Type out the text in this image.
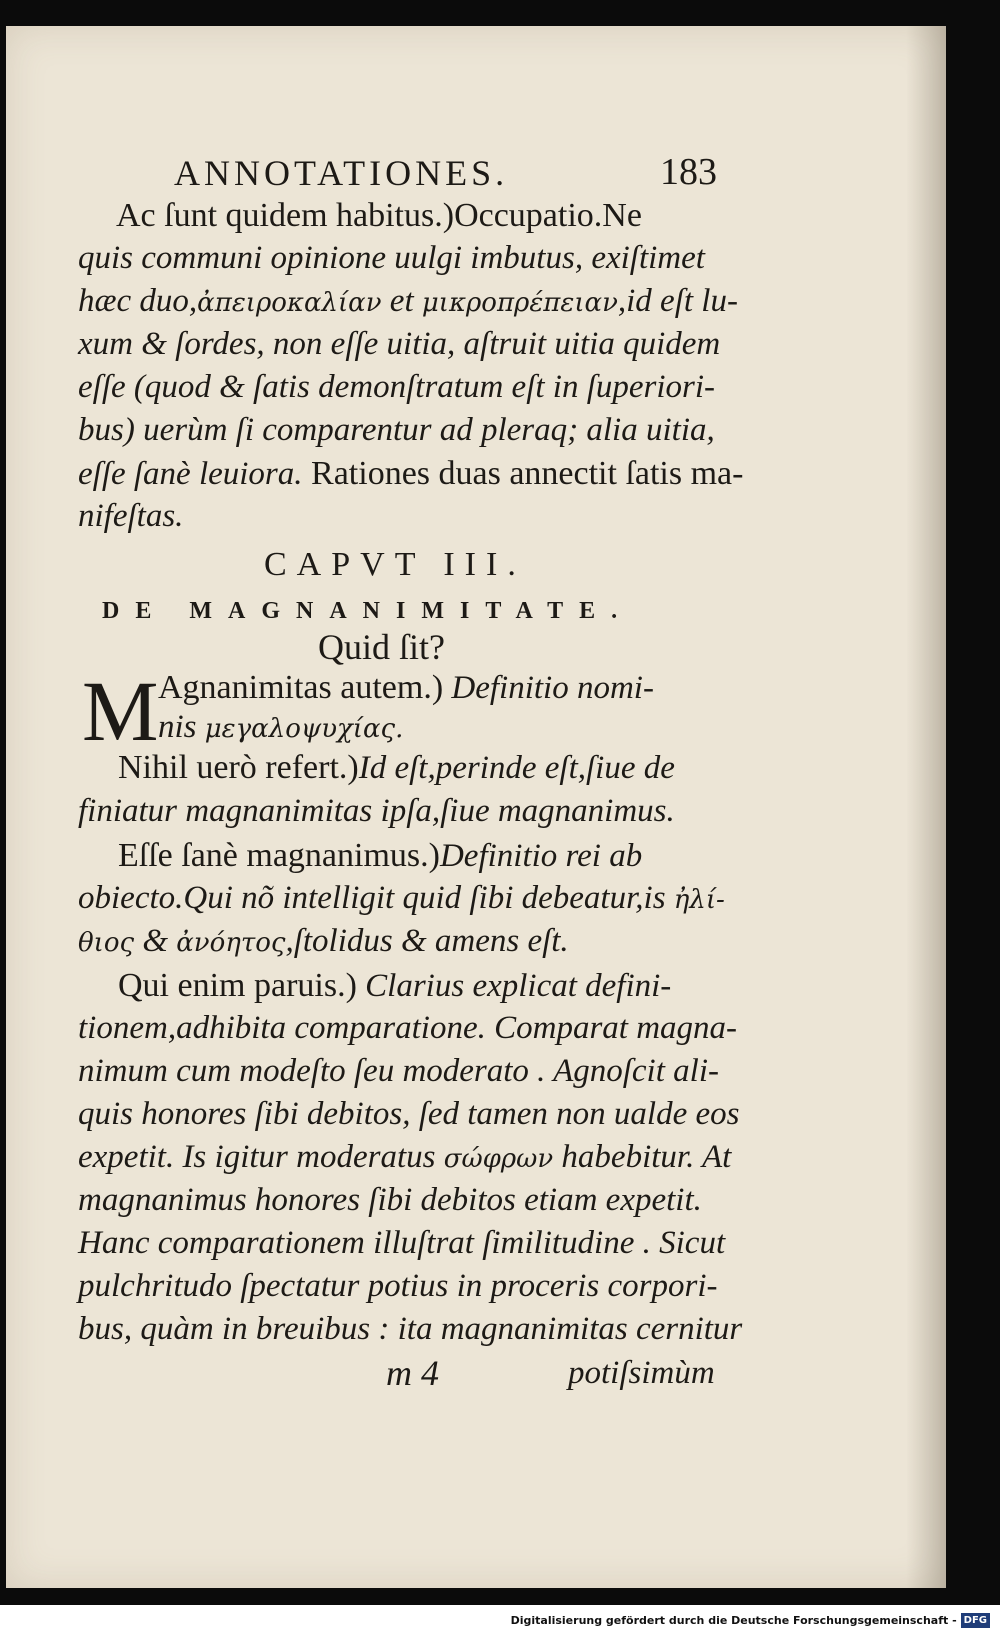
ANNOTATIONES.	183
Ac ſunt quidem habitus.)Occupatio.Ne
quis communi opinione uulgi imbutus, exiſtimet
hæc duo,ἀπειροκαλίαν et μικροπρέπειαν,id eſt lu-
xum & ſordes, non eſſe uitia, aſtruit uitia quidem
eſſe (quod & ſatis demonſtratum eſt in ſuperiori-
bus) uerùm ſi comparentur ad pleraq; alia uitia,
eſſe ſanè leuiora. Rationes duas annectit ſatis ma-
nifeſtas.
CAPVT III.
DE MAGNANIMITATE.
Quid ſit?
M Agnanimitas autem.) Definitio nomi-
nis μεγαλοψυχίας.
Nihil uerò refert.)Id eſt,perinde eſt,ſiue de
finiatur magnanimitas ipſa,ſiue magnanimus.
Eſſe ſanè magnanimus.)Definitio rei ab
obiecto.Qui nõ intelligit quid ſibi debeatur,is ἠλί-
θιος & ἀνόητος,ſtolidus & amens eſt.
Qui enim paruis.) Clarius explicat defini-
tionem,adhibita comparatione. Comparat magna-
nimum cum modeſto ſeu moderato . Agnoſcit ali-
quis honores ſibi debitos, ſed tamen non ualde eos
expetit. Is igitur moderatus σώφρων habebitur. At
magnanimus honores ſibi debitos etiam expetit.
Hanc comparationem illuſtrat ſimilitudine . Sicut
pulchritudo ſpectatur potius in proceris corpori-
bus, quàm in breuibus : ita magnanimitas cernitur
m 4	potiſsimùm
Digitalisierung gefördert durch die Deutsche Forschungsgemeinschaft - DFG
